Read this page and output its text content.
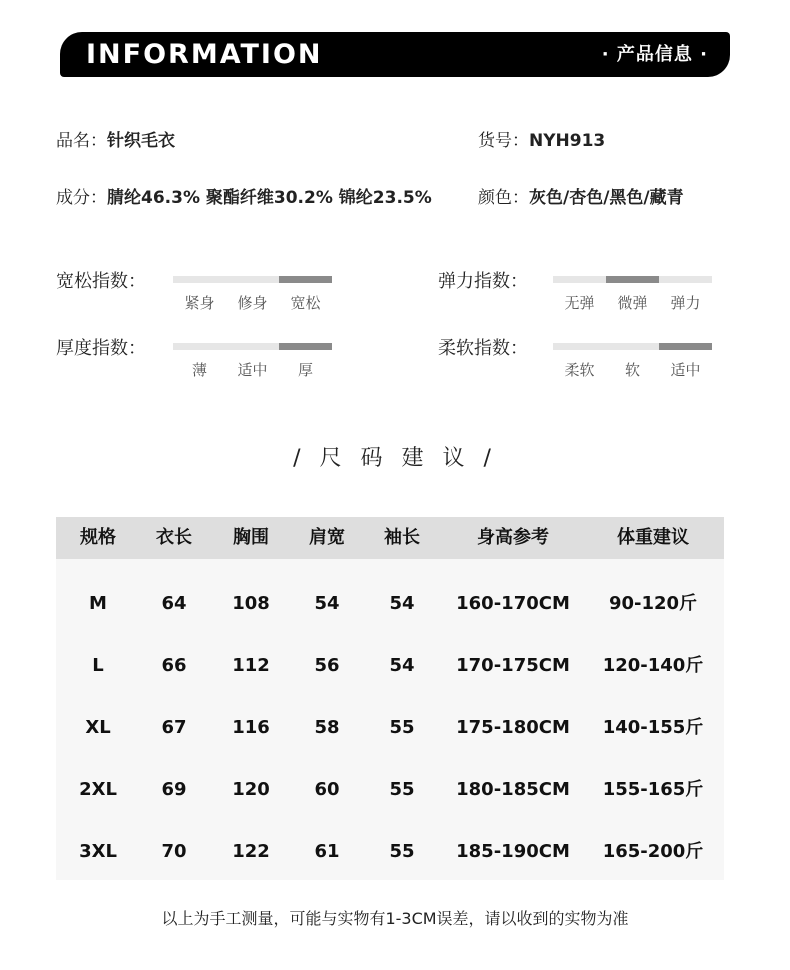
INFORMATION	· 产品信息 ·
品名：针织毛衣	货号：NYH913
成分：腈纶46.3% 聚酯纤维30.2% 锦纶23.5%	颜色：灰色/杏色/黑色/藏青
宽松指数：
紧身	修身	宽松
弹力指数：
无弹	微弹	弹力
厚度指数：
薄	适中	厚
柔软指数：
柔软	软	适中
/ 尺 码 建 议 /
规格	衣长	胸围	肩宽	袖长	身高参考	体重建议
M	64	108	54	54	160-170CM	90-120斤
L	66	112	56	54	170-175CM	120-140斤
XL	67	116	58	55	175-180CM	140-155斤
2XL	69	120	60	55	180-185CM	155-165斤
3XL	70	122	61	55	185-190CM	165-200斤
以上为手工测量，可能与实物有1-3CM误差，请以收到的实物为准
